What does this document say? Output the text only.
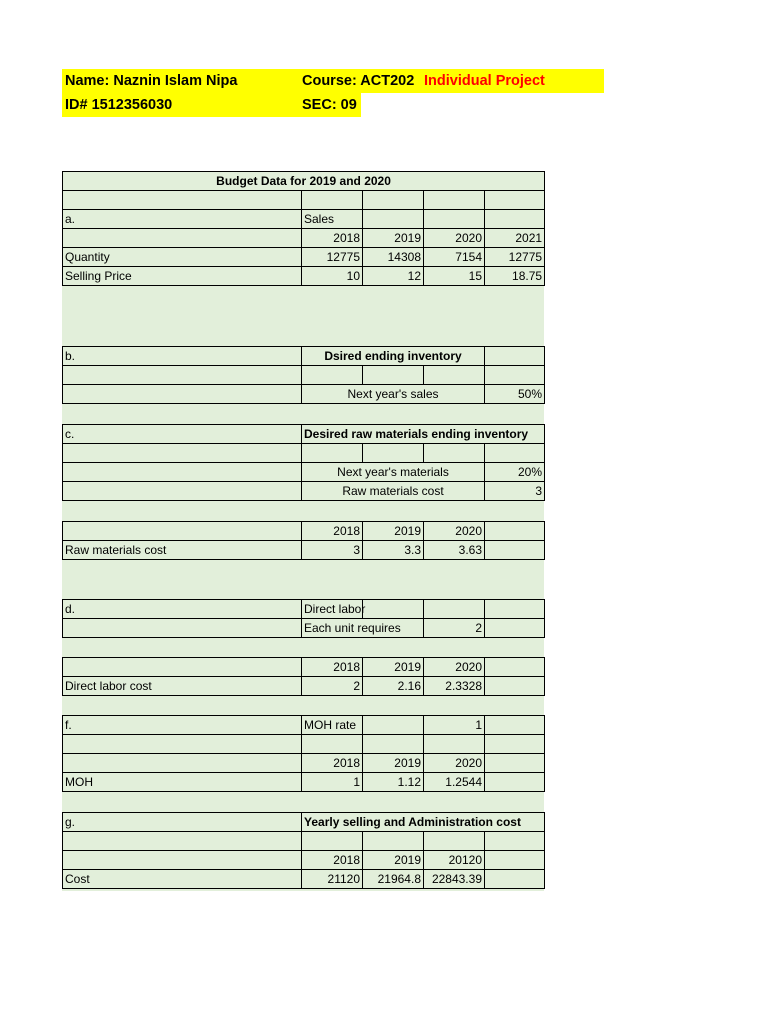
Name: Naznin Islam Nipa	Course: ACT202 Individual Project
ID# 1512356030	SEC: 09
Budget Data for 2019 and 2020				

a.	Sales			
	2018	2019	2020	2021
Quantity	12775	14308	7154	12775
Selling Price	10	12	15	18.75
b.	Dsired ending inventory			

	Next year's sales			50%
c.	Desired raw materials ending inventory			

	Next year's materials			20%
	Raw materials cost			3
	2018	2019	2020	
Raw materials cost	3	3.3	3.63	
d.	Direct labor			
	Each unit requires		2	
	2018	2019	2020	
Direct labor cost	2	2.16	2.3328	
f.	MOH rate		1	

	2018	2019	2020	
MOH	1	1.12	1.2544	
g.	Yearly selling and Administration cost			

	2018	2019	20120	
Cost	21120	21964.8	22843.39	
